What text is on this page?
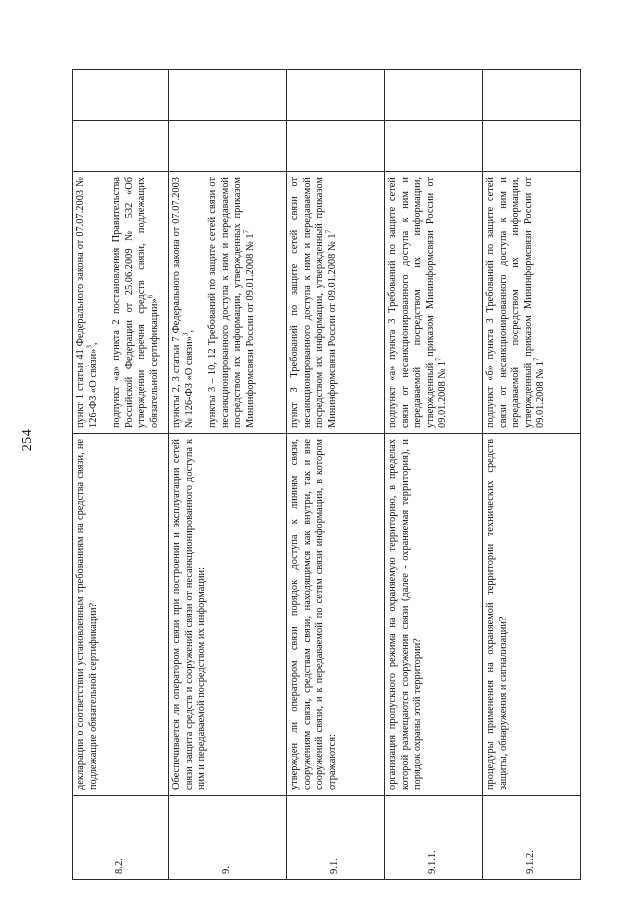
254
8.2.	декларации о соответствии установленным требованиям на средства связи, не подлежащие обязательной сертификации?	пункт 1 статьи 41 Федерального закона от 07.07.2003 № 126-ФЗ «О связи»$^3$, подпункт «а» пункта 2 постановления Правительства Российской Федерации от 25.06.2009 № 532 «Об утверждении перечня средств связи, подлежащих обязательной сертификации»$^6$

9.	Обеспечивается ли оператором связи при построении и эксплуатации сетей связи защита средств и сооружений связи от несанкционированного доступа к ним и передаваемой посредством их информации:	пункты 2, 3 статьи 7 Федерального закона от 07.07.2003 № 126-ФЗ «О связи»$^3$, пункты 3 – 10, 12 Требований по защите сетей связи от несанкционированного доступа к ним и передаваемой посредством их информации, утвержденных приказом Мининформсвязи России от 09.01.2008 № $1^7$

9.1.	утвержден ли оператором связи порядок доступа к линиям связи, сооружениям связи, средствам связи, находящимся как внутри, так и вне сооружений связи, и к передаваемой по сетям связи информации, в котором отражаются:	пункт 3 Требований по защите сетей связи от несанкционированного доступа к ним и передаваемой посредством их информации, утвержденный приказом Мининформсвязи России от 09.01.2008 № $1^7$

9.1.1.	организация пропускного режима на охраняемую территорию, в пределах которой размещаются сооружения связи (далее - охраняемая территория), и порядок охраны этой территории?	подпункт «а» пункта 3 Требований по защите сетей связи от несанкционированного доступа к ним и передаваемой посредством их информации, утвержденный приказом Мининформсвязи России от 09.01.2008 № $1^7$

9.1.2.	процедуры применения на охраняемой территории технических средств защиты, обнаружения и сигнализации?	подпункт «б» пункта 3 Требований по защите сетей связи от несанкционированного доступа к ним и передаваемой посредством их информации, утвержденный приказом Мининформсвязи России от 09.01.2008 № $1^7$
